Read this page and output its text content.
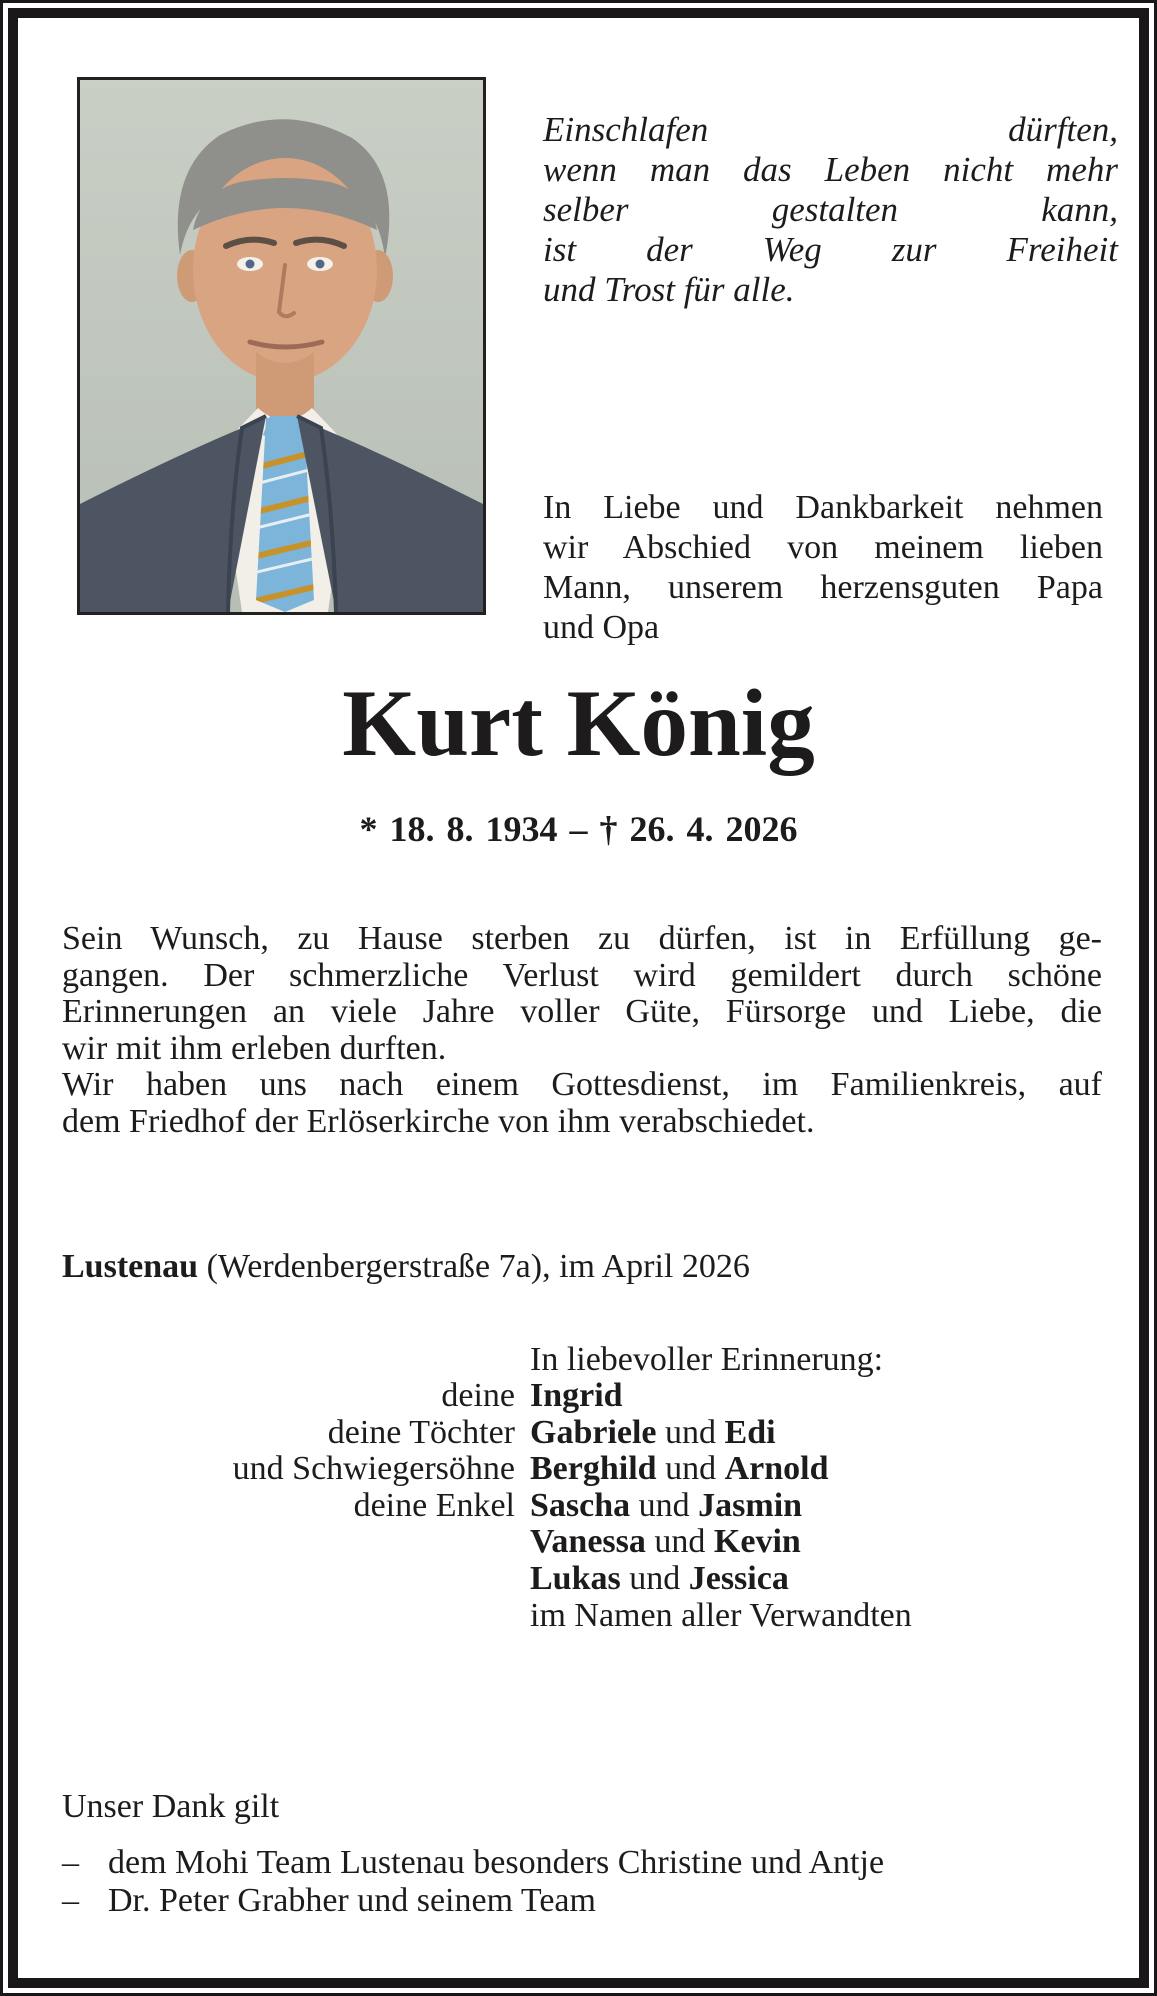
Einschlafen dürften,
wenn man das Leben nicht mehr
selber gestalten kann,
ist der Weg zur Freiheit
und Trost für alle.
In Liebe und Dankbarkeit nehmen
wir Abschied von meinem lieben
Mann, unserem herzensguten Papa
und Opa
Kurt König
* 18. 8. 1934 – † 26. 4. 2026
Sein Wunsch, zu Hause sterben zu dürfen, ist in Erfüllung ge-
gangen. Der schmerzliche Verlust wird gemildert durch schöne
Erinnerungen an viele Jahre voller Güte, Fürsorge und Liebe, die
wir mit ihm erleben durften.
Wir haben uns nach einem Gottesdienst, im Familienkreis, auf
dem Friedhof der Erlöserkirche von ihm verabschiedet.
Lustenau (Werdenbergerstraße 7a), im April 2026
In liebevoller Erinnerung:
deine Ingrid
deine Töchter Gabriele und Edi
und Schwiegersöhne Berghild und Arnold
deine Enkel Sascha und Jasmin
Vanessa und Kevin
Lukas und Jessica
im Namen aller Verwandten
Unser Dank gilt
– dem Mohi Team Lustenau besonders Christine und Antje
– Dr. Peter Grabher und seinem Team
